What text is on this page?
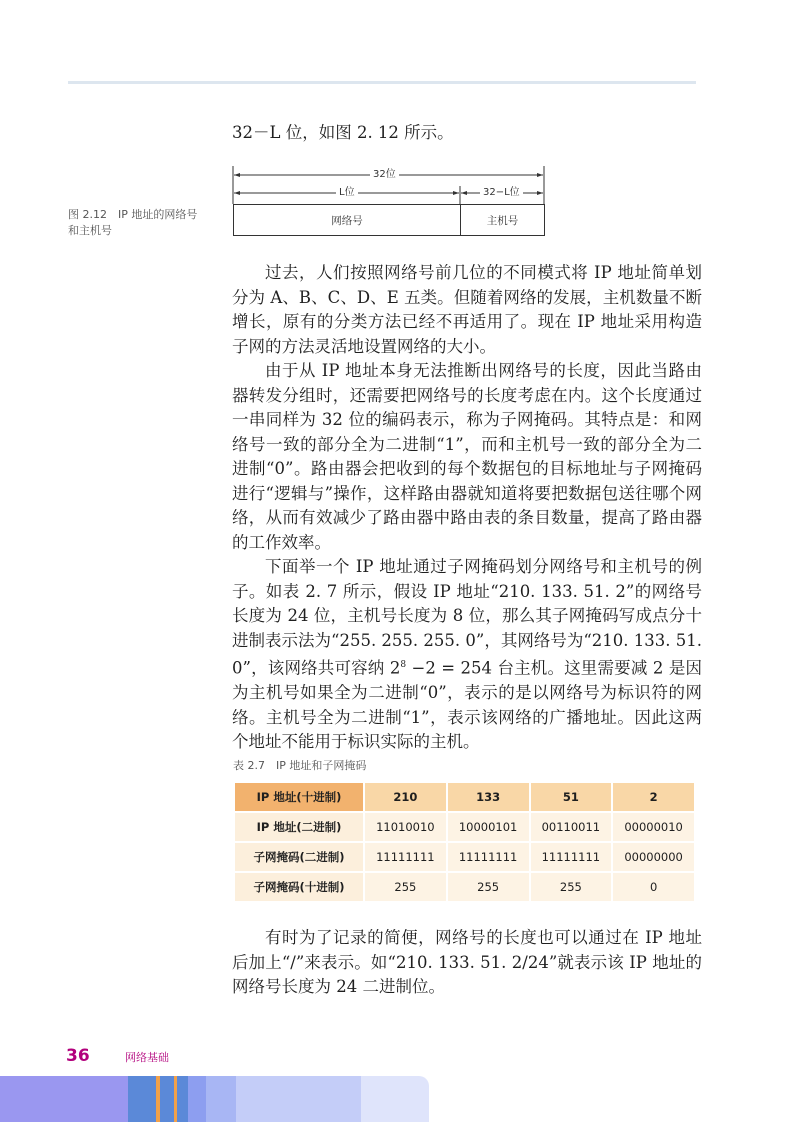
32－L 位，如图 2. 12 所示。

图 2.12　IP 地址的网络号
和主机号
32位
L位	32−L位
网络号	主机号

过去，人们按照网络号前几位的不同模式将 IP 地址简单划分为 A、B、C、D、E 五类。但随着网络的发展，主机数量不断增长，原有的分类方法已经不再适用了。现在 IP 地址采用构造子网的方法灵活地设置网络的大小。

由于从 IP 地址本身无法推断出网络号的长度，因此当路由器转发分组时，还需要把网络号的长度考虑在内。这个长度通过一串同样为 32 位的编码表示，称为子网掩码。其特点是：和网络号一致的部分全为二进制“1”，而和主机号一致的部分全为二进制“0”。路由器会把收到的每个数据包的目标地址与子网掩码进行“逻辑与”操作，这样路由器就知道将要把数据包送往哪个网络，从而有效减少了路由器中路由表的条目数量，提高了路由器的工作效率。

下面举一个 IP 地址通过子网掩码划分网络号和主机号的例子。如表 2. 7 所示，假设 IP 地址“210. 133. 51. 2”的网络号长度为 24 位，主机号长度为 8 位，那么其子网掩码写成点分十进制表示法为“255. 255. 255. 0”，其网络号为“210. 133. 51. 0”，该网络共可容纳 $2^8 -2 = 254$ 台主机。这里需要减 2 是因为主机号如果全为二进制“0”，表示的是以网络号为标识符的网络。主机号全为二进制“1”，表示该网络的广播地址。因此这两个地址不能用于标识实际的主机。

表 2.7　IP 地址和子网掩码
IP 地址(十进制)	210	133	51	2
IP 地址(二进制)	11010010	10000101	00110011	00000010
子网掩码(二进制)	11111111	11111111	11111111	00000000
子网掩码(十进制)	255	255	255	0

有时为了记录的简便，网络号的长度也可以通过在 IP 地址后加上“/”来表示。如“210. 133. 51. 2/24”就表示该 IP 地址的网络号长度为 24 二进制位。

36	网络基础
